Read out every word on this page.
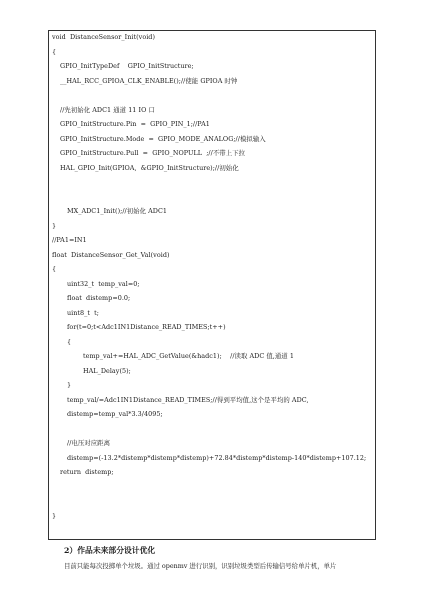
void  DistanceSensor_Init(void)
{
GPIO_InitTypeDef    GPIO_InitStructure;
__HAL_RCC_GPIOA_CLK_ENABLE();//使能 GPIOA 时钟
//先初始化 ADC1 通道 11 IO 口
GPIO_InitStructure.Pin  =  GPIO_PIN_1;//PA1
GPIO_InitStructure.Mode  =  GPIO_MODE_ANALOG;//模拟输入
GPIO_InitStructure.Pull  =  GPIO_NOPULL  ;//不带上下拉
HAL_GPIO_Init(GPIOA,  &GPIO_InitStructure);//初始化
MX_ADC1_Init();//初始化 ADC1
}
//PA1=IN1
float  DistanceSensor_Get_Val(void)
{
uint32_t  temp_val=0;
float  distemp=0.0;
uint8_t  t;
for(t=0;t<Adc1IN1Distance_READ_TIMES;t++)
{
temp_val+=HAL_ADC_GetValue(&hadc1);    //读取 ADC 值,通道 1
HAL_Delay(5);
}
temp_val/=Adc1IN1Distance_READ_TIMES;//得到平均值,这个是平均的 ADC,
distemp=temp_val*3.3/4095;
//电压对应距离
distemp=(-13.2*distemp*distemp*distemp)+72.84*distemp*distemp-140*distemp+107.12;
return  distemp;
}
2）作品未来部分设计优化
目前只能每次投掷单个垃圾。通过 openmv 进行识别，识别垃圾类型后传输信号给单片机，单片
